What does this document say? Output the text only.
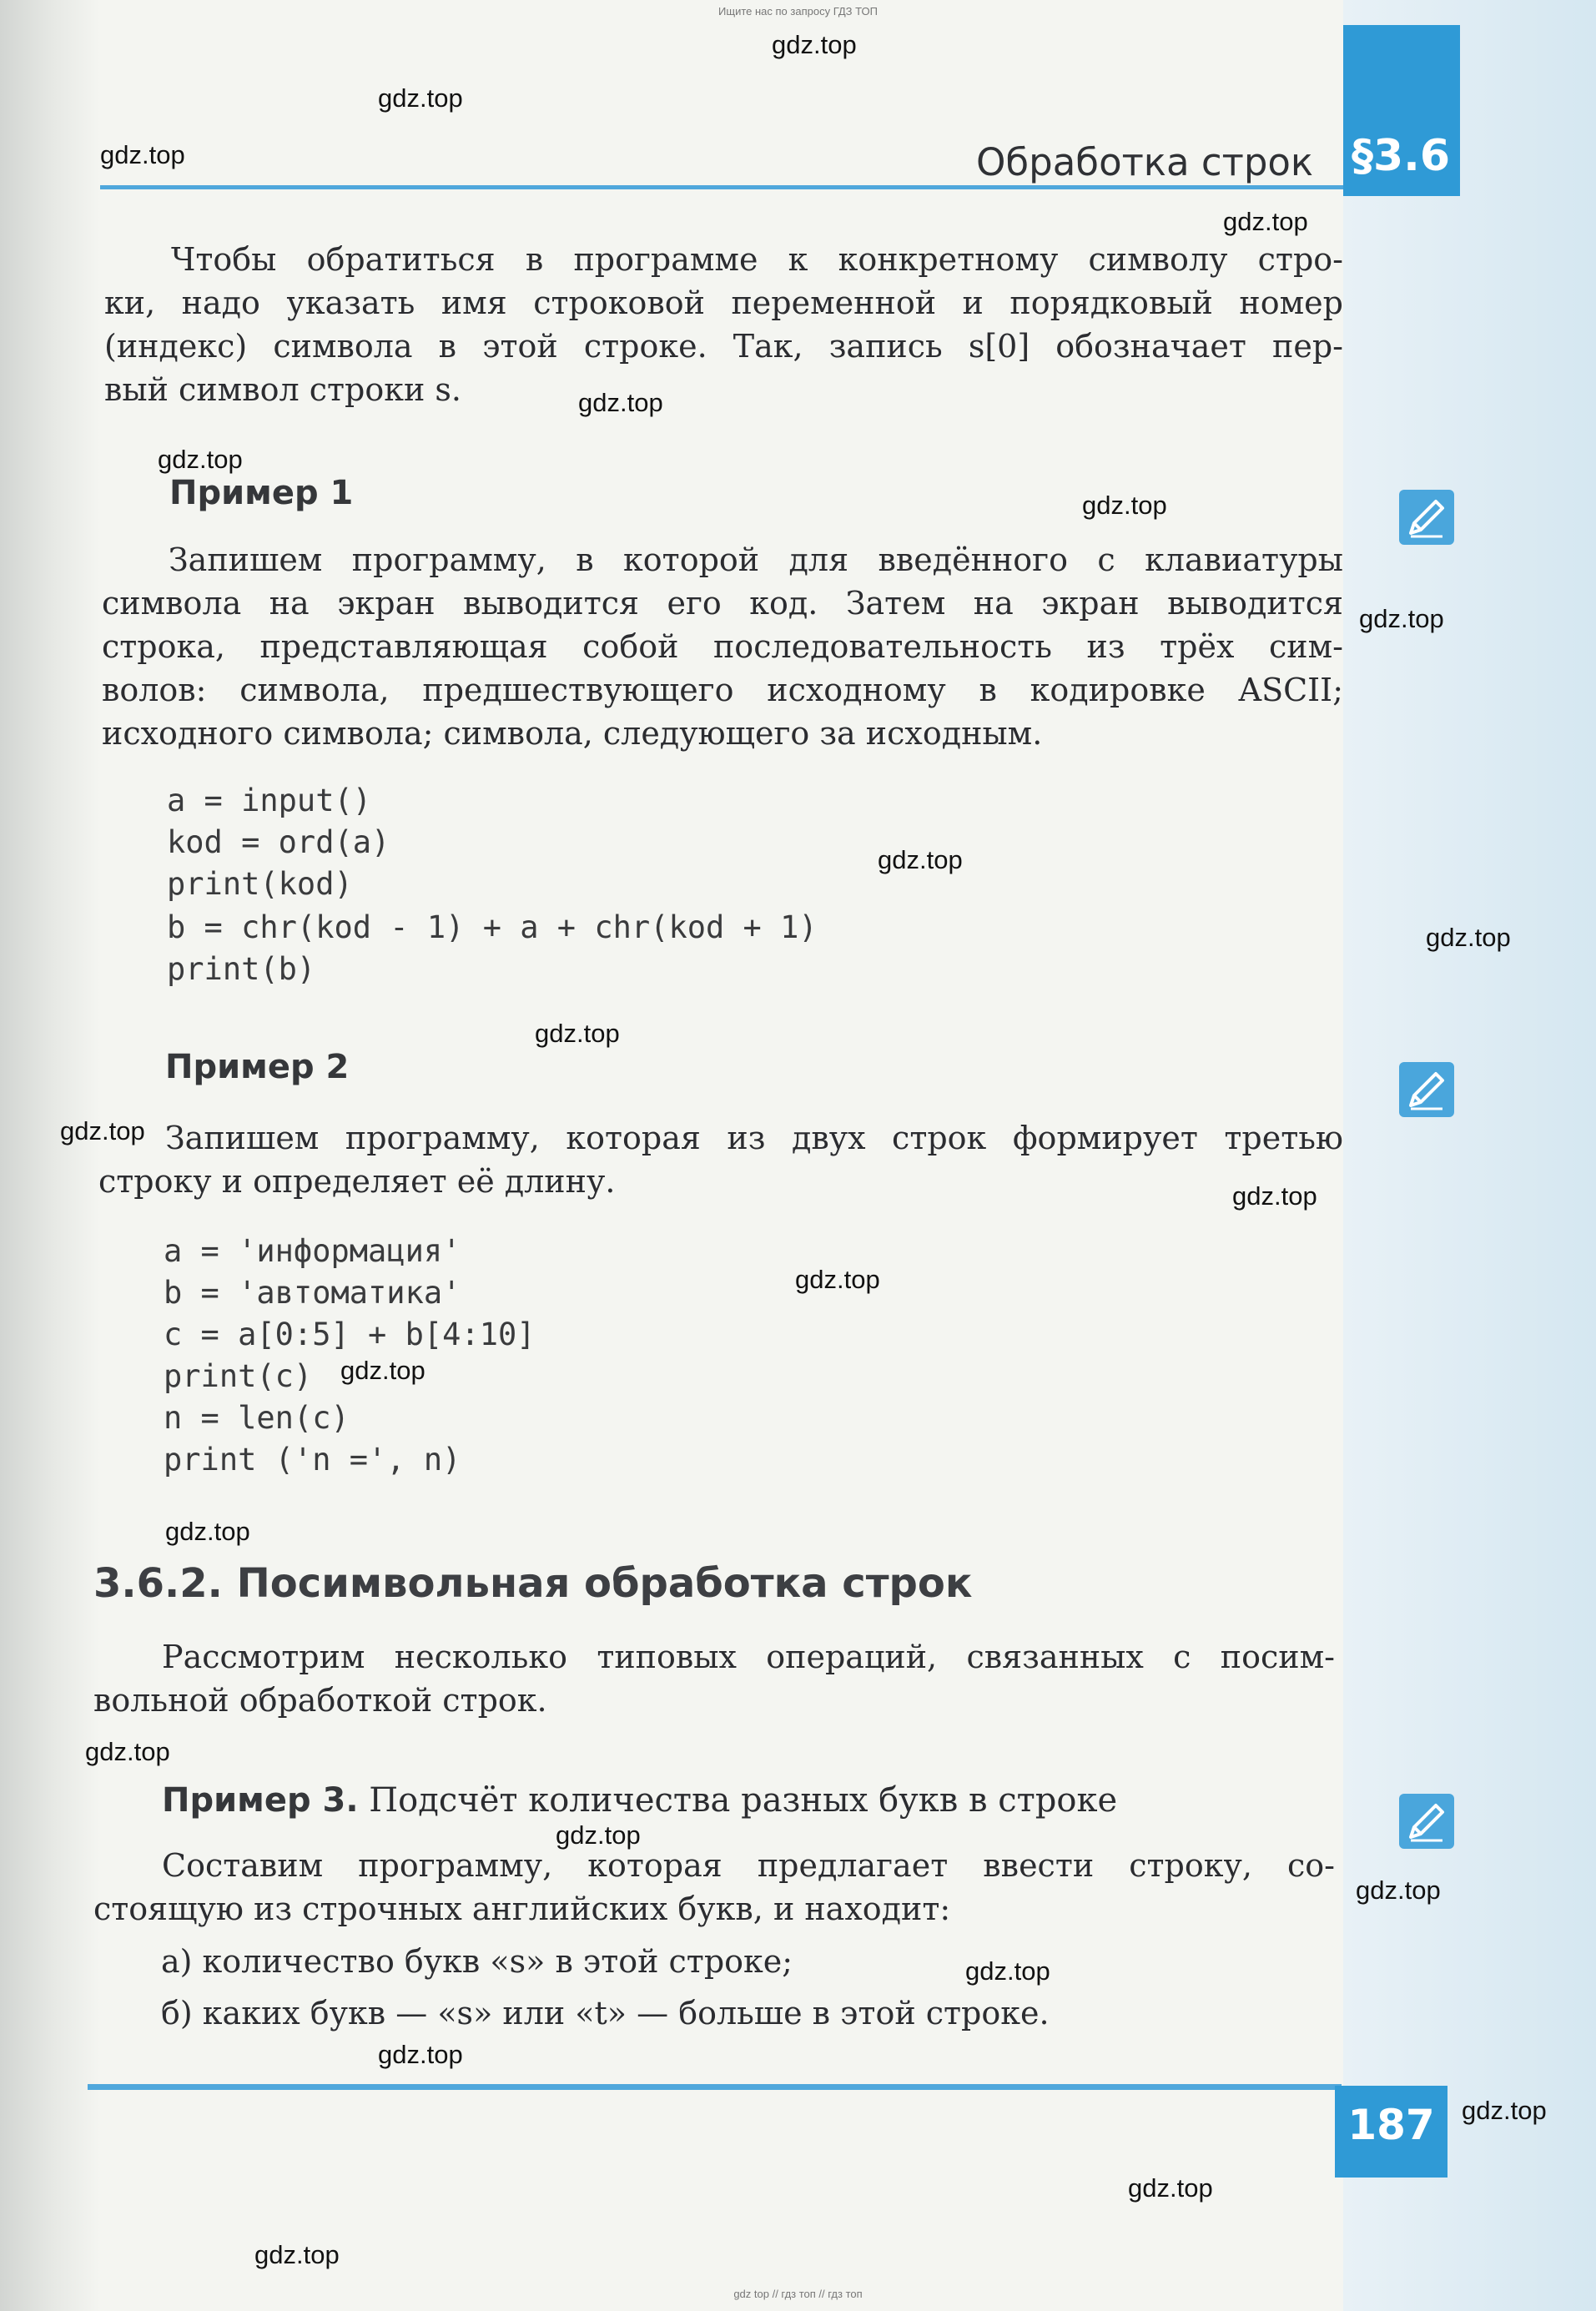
Ищите нас по запросу ГДЗ ТОП
§3.6
Обработка строк
Чтобы обратиться в программе к конкретному символу стро-
ки, надо указать имя строковой переменной и порядковый номер
(индекс) символа в этой строке. Так, запись s[0] обозначает пер-
вый символ строки s.
Пример 1
Запишем программу, в которой для введённого с клавиатуры
символа на экран выводится его код. Затем на экран выводится
строка, представляющая собой последовательность из трёх сим-
волов: символа, предшествующего исходному в кодировке ASCII;
исходного символа; символа, следующего за исходным.
a = input()
kod = ord(a)
print(kod)
b = chr(kod - 1) + a + chr(kod + 1)
print(b)
Пример 2
Запишем программу, которая из двух строк формирует третью
строку и определяет её длину.
a = 'информация'
b = 'автоматика'
c = a[0:5] + b[4:10]
print(c)
n = len(c)
print ('n =', n)
3.6.2. Посимвольная обработка строк
Рассмотрим несколько типовых операций, связанных с посим-
вольной обработкой строк.
Пример 3. Подсчёт количества разных букв в строке
Составим программу, которая предлагает ввести строку, со-
стоящую из строчных английских букв, и находит:
а) количество букв «s» в этой строке;
б) каких букв — «s» или «t» — больше в этой строке.
187
gdz.top
gdz.top
gdz.top
gdz.top
gdz.top
gdz.top
gdz.top
gdz.top
gdz.top
gdz.top
gdz.top
gdz.top
gdz.top
gdz.top
gdz.top
gdz.top
gdz.top
gdz.top
gdz.top
gdz.top
gdz.top
gdz.top
gdz.top
gdz.top
gdz top // гдз топ // гдз топ
